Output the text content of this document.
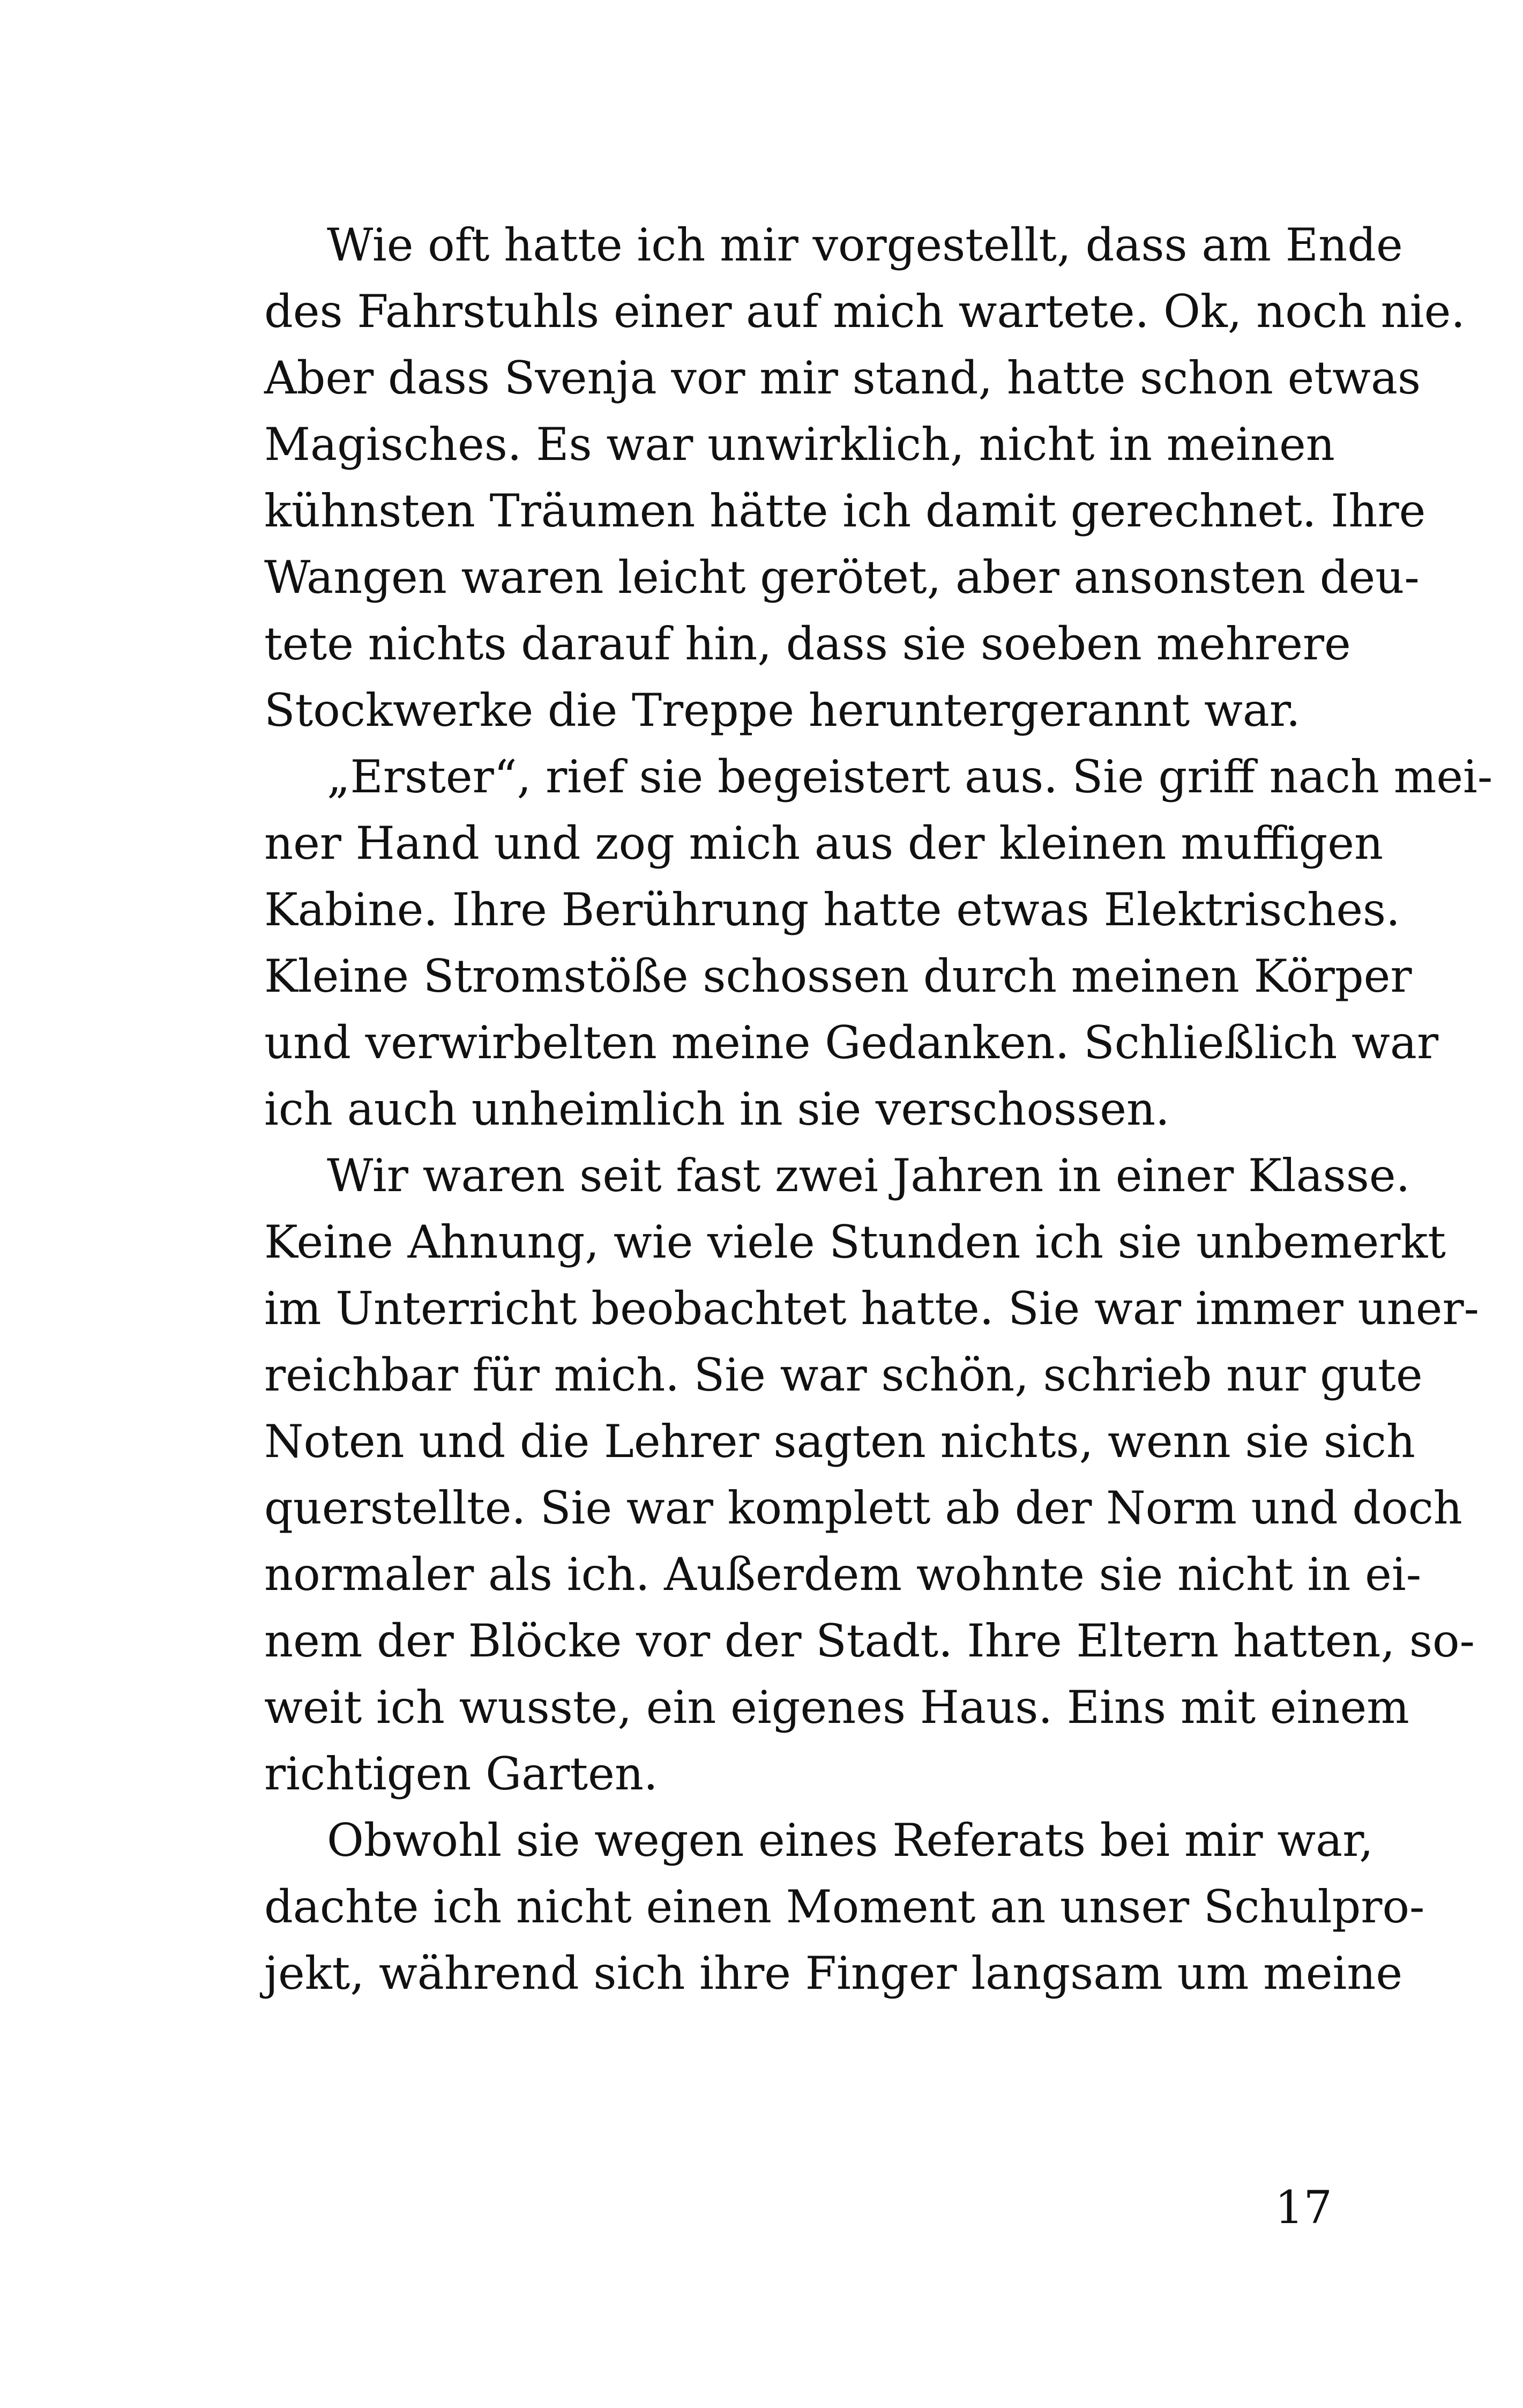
Wie oft hatte ich mir vorgestellt, dass am Ende
des Fahrstuhls einer auf mich wartete. Ok, noch nie.
Aber dass Svenja vor mir stand, hatte schon etwas
Magisches. Es war unwirklich, nicht in meinen
kühnsten Träumen hätte ich damit gerechnet. Ihre
Wangen waren leicht gerötet, aber ansonsten deu-
tete nichts darauf hin, dass sie soeben mehrere
Stockwerke die Treppe heruntergerannt war.
„Erster“, rief sie begeistert aus. Sie griff nach mei-
ner Hand und zog mich aus der kleinen muffigen
Kabine. Ihre Berührung hatte etwas Elektrisches.
Kleine Stromstöße schossen durch meinen Körper
und verwirbelten meine Gedanken. Schließlich war
ich auch unheimlich in sie verschossen.
Wir waren seit fast zwei Jahren in einer Klasse.
Keine Ahnung, wie viele Stunden ich sie unbemerkt
im Unterricht beobachtet hatte. Sie war immer uner-
reichbar für mich. Sie war schön, schrieb nur gute
Noten und die Lehrer sagten nichts, wenn sie sich
querstellte. Sie war komplett ab der Norm und doch
normaler als ich. Außerdem wohnte sie nicht in ei-
nem der Blöcke vor der Stadt. Ihre Eltern hatten, so-
weit ich wusste, ein eigenes Haus. Eins mit einem
richtigen Garten.
Obwohl sie wegen eines Referats bei mir war,
dachte ich nicht einen Moment an unser Schulpro-
jekt, während sich ihre Finger langsam um meine
17
